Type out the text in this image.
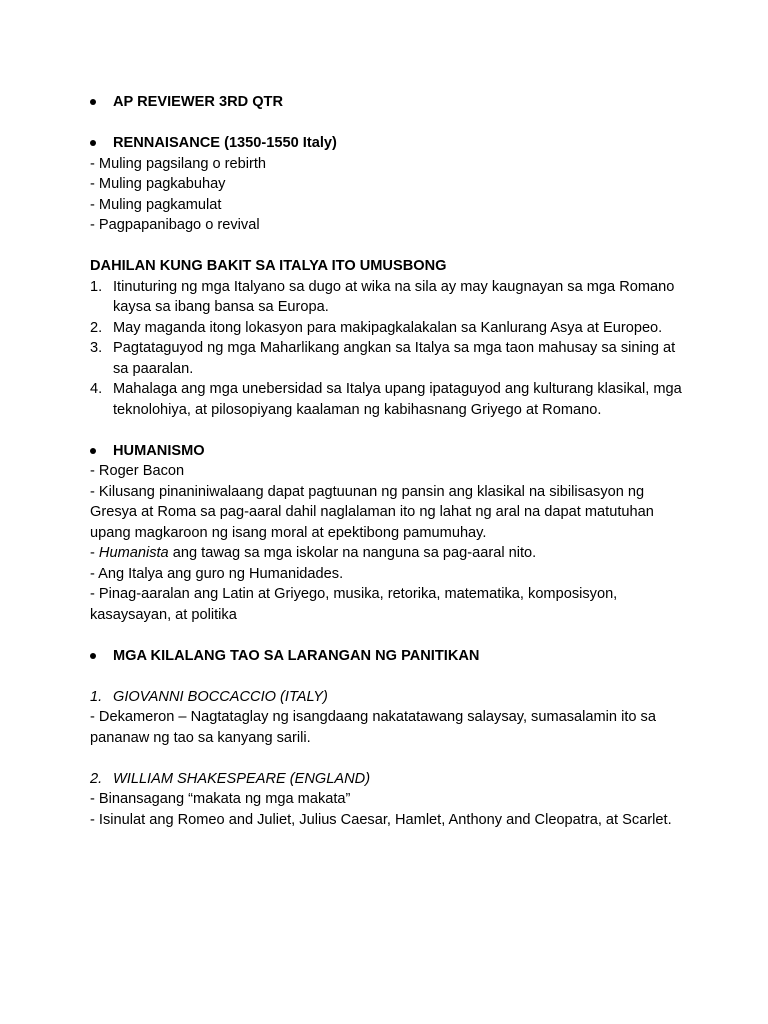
AP REVIEWER 3RD QTR
RENNAISANCE (1350-1550 Italy)
- Muling pagsilang o rebirth
- Muling pagkabuhay
- Muling pagkamulat
- Pagpapanibago o revival
DAHILAN KUNG BAKIT SA ITALYA ITO UMUSBONG
1. Itinuturing ng mga Italyano sa dugo at wika na sila ay may kaugnayan sa mga Romano kaysa sa ibang bansa sa Europa.
2. May maganda itong lokasyon para makipagkalakalan sa Kanlurang Asya at Europeo.
3. Pagtataguyod ng mga Maharlikang angkan sa Italya sa mga taon mahusay sa sining at sa paaralan.
4. Mahalaga ang mga unebersidad sa Italya upang ipataguyod ang kulturang klasikal, mga teknolohiya, at pilosopiyang kaalaman ng kabihasnang Griyego at Romano.
HUMANISMO
- Roger Bacon
- Kilusang pinaniniwalaang dapat pagtuunan ng pansin ang klasikal na sibilisasyon ng Gresya at Roma sa pag-aaral dahil naglalaman ito ng lahat ng aral na dapat matutuhan upang magkaroon ng isang moral at epektibong pamumuhay.
- Humanista ang tawag sa mga iskolar na nanguna sa pag-aaral nito.
- Ang Italya ang guro ng Humanidades.
- Pinag-aaralan ang Latin at Griyego, musika, retorika, matematika, komposisyon, kasaysayan, at politika
MGA KILALANG TAO SA LARANGAN NG PANITIKAN
1. GIOVANNI BOCCACCIO (ITALY)
- Dekameron – Nagtataglay ng isangdaang nakatatawang salaysay, sumasalamin ito sa pananaw ng tao sa kanyang sarili.
2. WILLIAM SHAKESPEARE (ENGLAND)
- Binansagang “makata ng mga makata”
- Isinulat ang Romeo and Juliet, Julius Caesar, Hamlet, Anthony and Cleopatra, at Scarlet.
